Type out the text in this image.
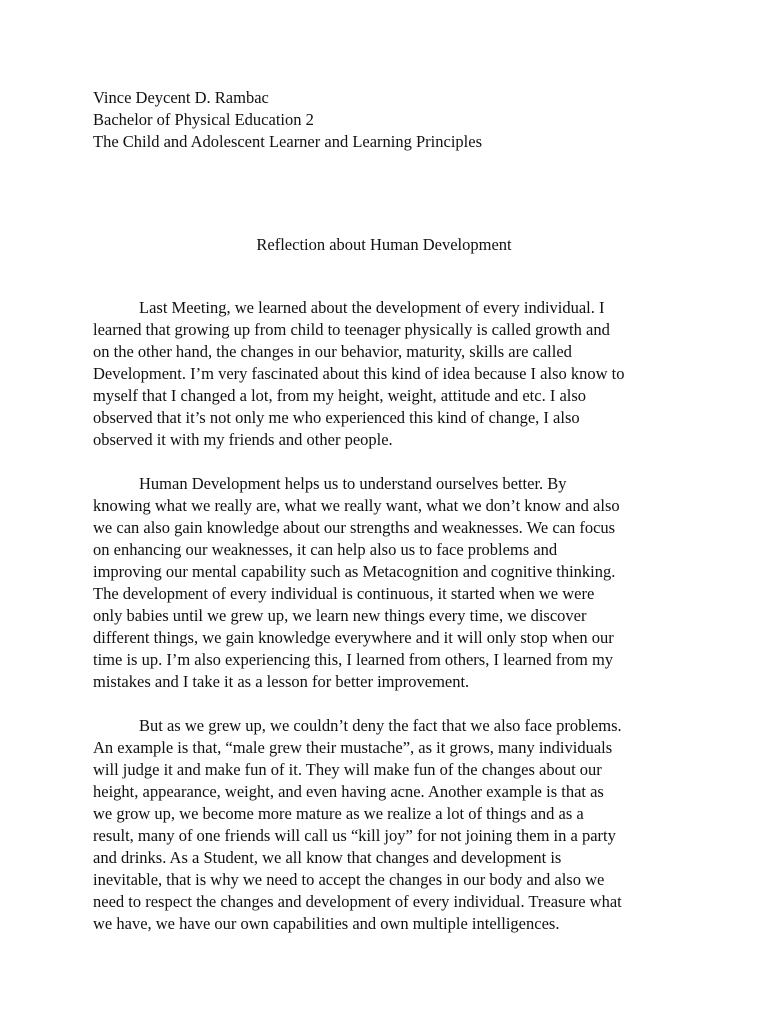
Vince Deycent D. Rambac
Bachelor of Physical Education 2
The Child and Adolescent Learner and Learning Principles
Reflection about Human Development
Last Meeting, we learned about the development of every individual. I
learned that growing up from child to teenager physically is called growth and
on the other hand, the changes in our behavior, maturity, skills are called
Development. I’m very fascinated about this kind of idea because I also know to
myself that I changed a lot, from my height, weight, attitude and etc. I also
observed that it’s not only me who experienced this kind of change, I also
observed it with my friends and other people.
Human Development helps us to understand ourselves better. By
knowing what we really are, what we really want, what we don’t know and also
we can also gain knowledge about our strengths and weaknesses. We can focus
on enhancing our weaknesses, it can help also us to face problems and
improving our mental capability such as Metacognition and cognitive thinking.
The development of every individual is continuous, it started when we were
only babies until we grew up, we learn new things every time, we discover
different things, we gain knowledge everywhere and it will only stop when our
time is up. I’m also experiencing this, I learned from others, I learned from my
mistakes and I take it as a lesson for better improvement.
But as we grew up, we couldn’t deny the fact that we also face problems.
An example is that, “male grew their mustache”, as it grows, many individuals
will judge it and make fun of it. They will make fun of the changes about our
height, appearance, weight, and even having acne. Another example is that as
we grow up, we become more mature as we realize a lot of things and as a
result, many of one friends will call us “kill joy” for not joining them in a party
and drinks. As a Student, we all know that changes and development is
inevitable, that is why we need to accept the changes in our body and also we
need to respect the changes and development of every individual. Treasure what
we have, we have our own capabilities and own multiple intelligences.
